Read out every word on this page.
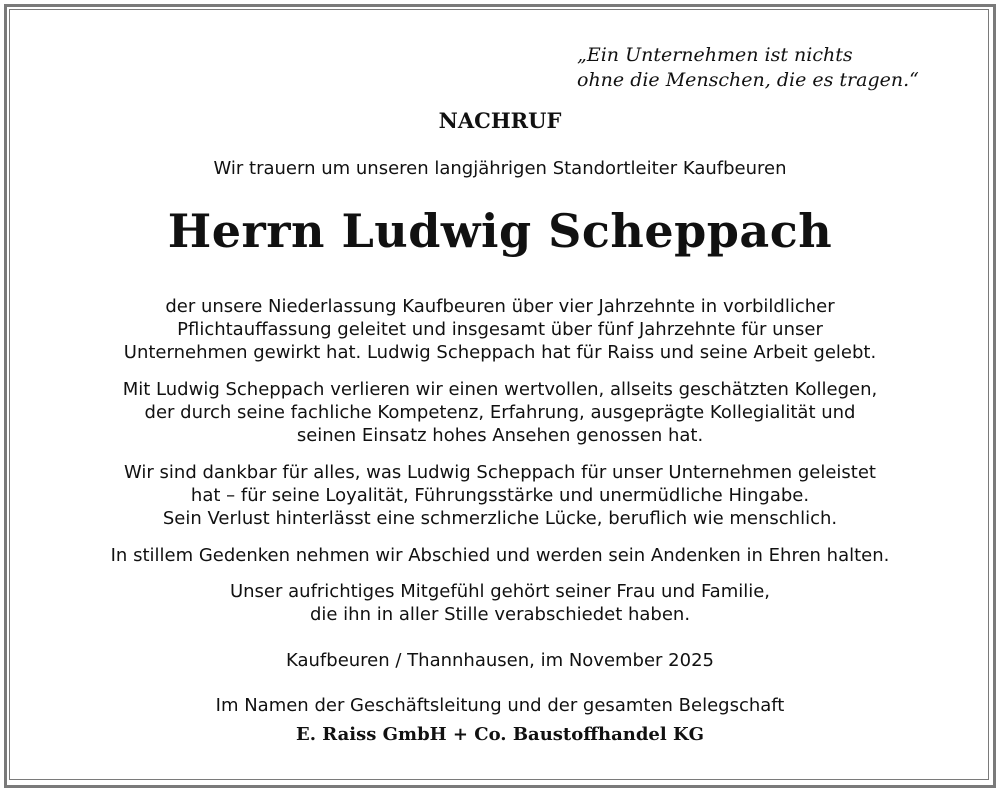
„Ein Unternehmen ist nichts
ohne die Menschen, die es tragen.“
NACHRUF
Wir trauern um unseren langjährigen Standortleiter Kaufbeuren
Herrn Ludwig Scheppach
der unsere Niederlassung Kaufbeuren über vier Jahrzehnte in vorbildlicher
Pflichtauffassung geleitet und insgesamt über fünf Jahrzehnte für unser
Unternehmen gewirkt hat. Ludwig Scheppach hat für Raiss und seine Arbeit gelebt.
Mit Ludwig Scheppach verlieren wir einen wertvollen, allseits geschätzten Kollegen,
der durch seine fachliche Kompetenz, Erfahrung, ausgeprägte Kollegialität und
seinen Einsatz hohes Ansehen genossen hat.
Wir sind dankbar für alles, was Ludwig Scheppach für unser Unternehmen geleistet
hat – für seine Loyalität, Führungsstärke und unermüdliche Hingabe.
Sein Verlust hinterlässt eine schmerzliche Lücke, beruflich wie menschlich.
In stillem Gedenken nehmen wir Abschied und werden sein Andenken in Ehren halten.
Unser aufrichtiges Mitgefühl gehört seiner Frau und Familie,
die ihn in aller Stille verabschiedet haben.
Kaufbeuren / Thannhausen, im November 2025
Im Namen der Geschäftsleitung und der gesamten Belegschaft
E. Raiss GmbH + Co. Baustoffhandel KG
